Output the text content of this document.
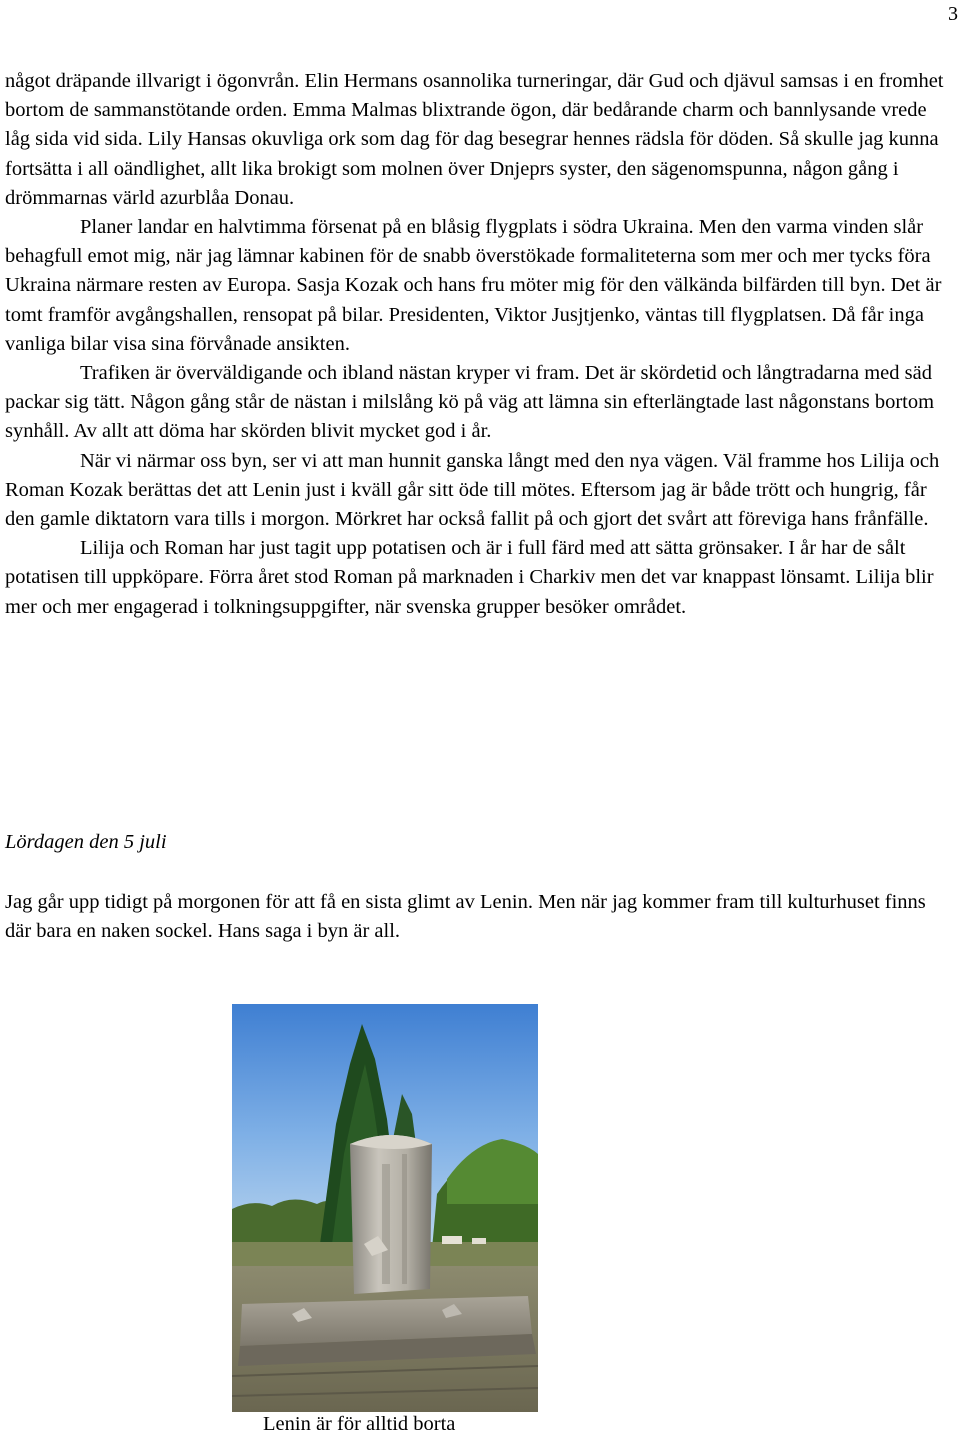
3

något dräpande illvarigt i ögonvrån. Elin Hermans osannolika turneringar, där Gud och djävul samsas i en fromhet bortom de sammanstötande orden. Emma Malmas blixtrande ögon, där bedårande charm och bannlysande vrede låg sida vid sida. Lily Hansas okuvliga ork som dag för dag besegrar hennes rädsla för döden. Så skulle jag kunna fortsätta i all oändlighet, allt lika brokigt som molnen över Dnjeprs syster, den sägenomspunna, någon gång i drömmarnas värld azurblåa Donau.

Planer landar en halvtimma försenat på en blåsig flygplats i södra Ukraina. Men den varma vinden slår behagfull emot mig, när jag lämnar kabinen för de snabb överstökade formaliteterna som mer och mer tycks föra Ukraina närmare resten av Europa. Sasja Kozak och hans fru möter mig för den välkända bilfärden till byn. Det är tomt framför avgångshallen, rensopat på bilar. Presidenten, Viktor Jusjtjenko, väntas till flygplatsen. Då får inga vanliga bilar visa sina förvånade ansikten.

Trafiken är överväldigande och ibland nästan kryper vi fram. Det är skördetid och långtradarna med säd packar sig tätt. Någon gång står de nästan i milslång kö på väg att lämna sin efterlängtade last någonstans bortom synhåll. Av allt att döma har skörden blivit mycket god i år.

När vi närmar oss byn, ser vi att man hunnit ganska långt med den nya vägen. Väl framme hos Lilija och Roman Kozak berättas det att Lenin just i kväll går sitt öde till mötes. Eftersom jag är både trött och hungrig, får den gamle diktatorn vara tills i morgon. Mörkret har också fallit på och gjort det svårt att föreviga hans frånfälle.

Lilija och Roman har just tagit upp potatisen och är i full färd med att sätta grönsaker. I år har de sålt potatisen till uppköpare. Förra året stod Roman på marknaden i Charkiv men det var knappast lönsamt. Lilija blir mer och mer engagerad i tolkningsuppgifter, när svenska grupper besöker området.

Lördagen den 5 juli

Jag går upp tidigt på morgonen för att få en sista glimt av Lenin. Men när jag kommer fram till kulturhuset finns där bara en naken sockel. Hans saga i byn är all.

Lenin är för alltid borta
